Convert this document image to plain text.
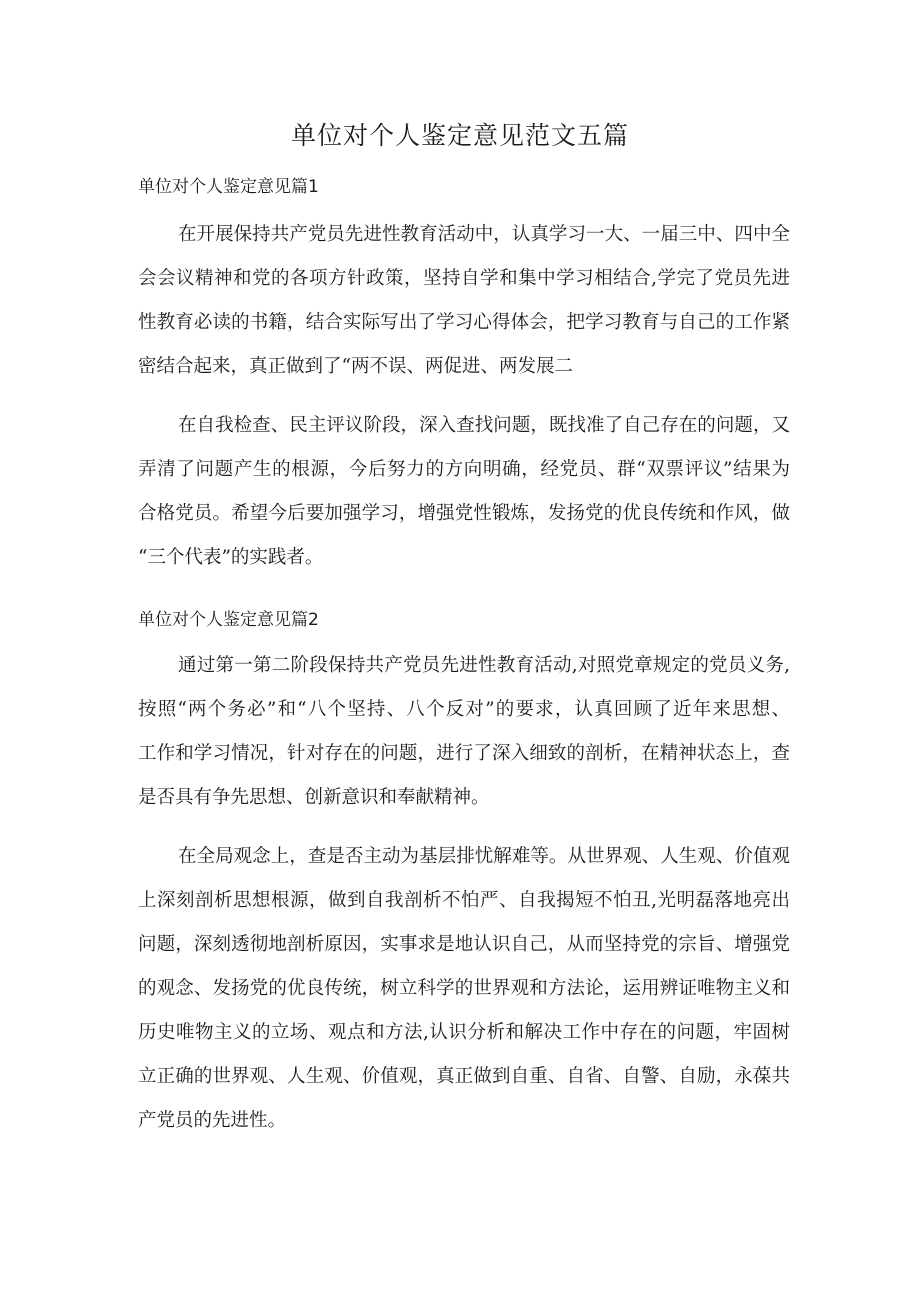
单位对个人鉴定意见范文五篇
单位对个人鉴定意见篇1
在开展保持共产党员先进性教育活动中，认真学习一大、一届三中、四中全
会会议精神和党的各项方针政策，坚持自学和集中学习相结合,学完了党员先进
性教育必读的书籍，结合实际写出了学习心得体会，把学习教育与自己的工作紧
密结合起来，真正做到了“两不误、两促进、两发展二
在自我检查、民主评议阶段，深入查找问题，既找准了自己存在的问题，又
弄清了问题产生的根源，今后努力的方向明确，经党员、群“双票评议”结果为
合格党员。希望今后要加强学习，增强党性锻炼，发扬党的优良传统和作风，做
“三个代表”的实践者。
单位对个人鉴定意见篇2
通过第一第二阶段保持共产党员先进性教育活动,对照党章规定的党员义务,
按照“两个务必”和“八个坚持、八个反对”的要求，认真回顾了近年来思想、
工作和学习情况，针对存在的问题，进行了深入细致的剖析，在精神状态上，查
是否具有争先思想、创新意识和奉献精神。
在全局观念上，查是否主动为基层排忧解难等。从世界观、人生观、价值观
上深刻剖析思想根源，做到自我剖析不怕严、自我揭短不怕丑,光明磊落地亮出
问题，深刻透彻地剖析原因，实事求是地认识自己，从而坚持党的宗旨、增强党
的观念、发扬党的优良传统，树立科学的世界观和方法论，运用辨证唯物主义和
历史唯物主义的立场、观点和方法,认识分析和解决工作中存在的问题，牢固树
立正确的世界观、人生观、价值观，真正做到自重、自省、自警、自励，永葆共
产党员的先进性。
